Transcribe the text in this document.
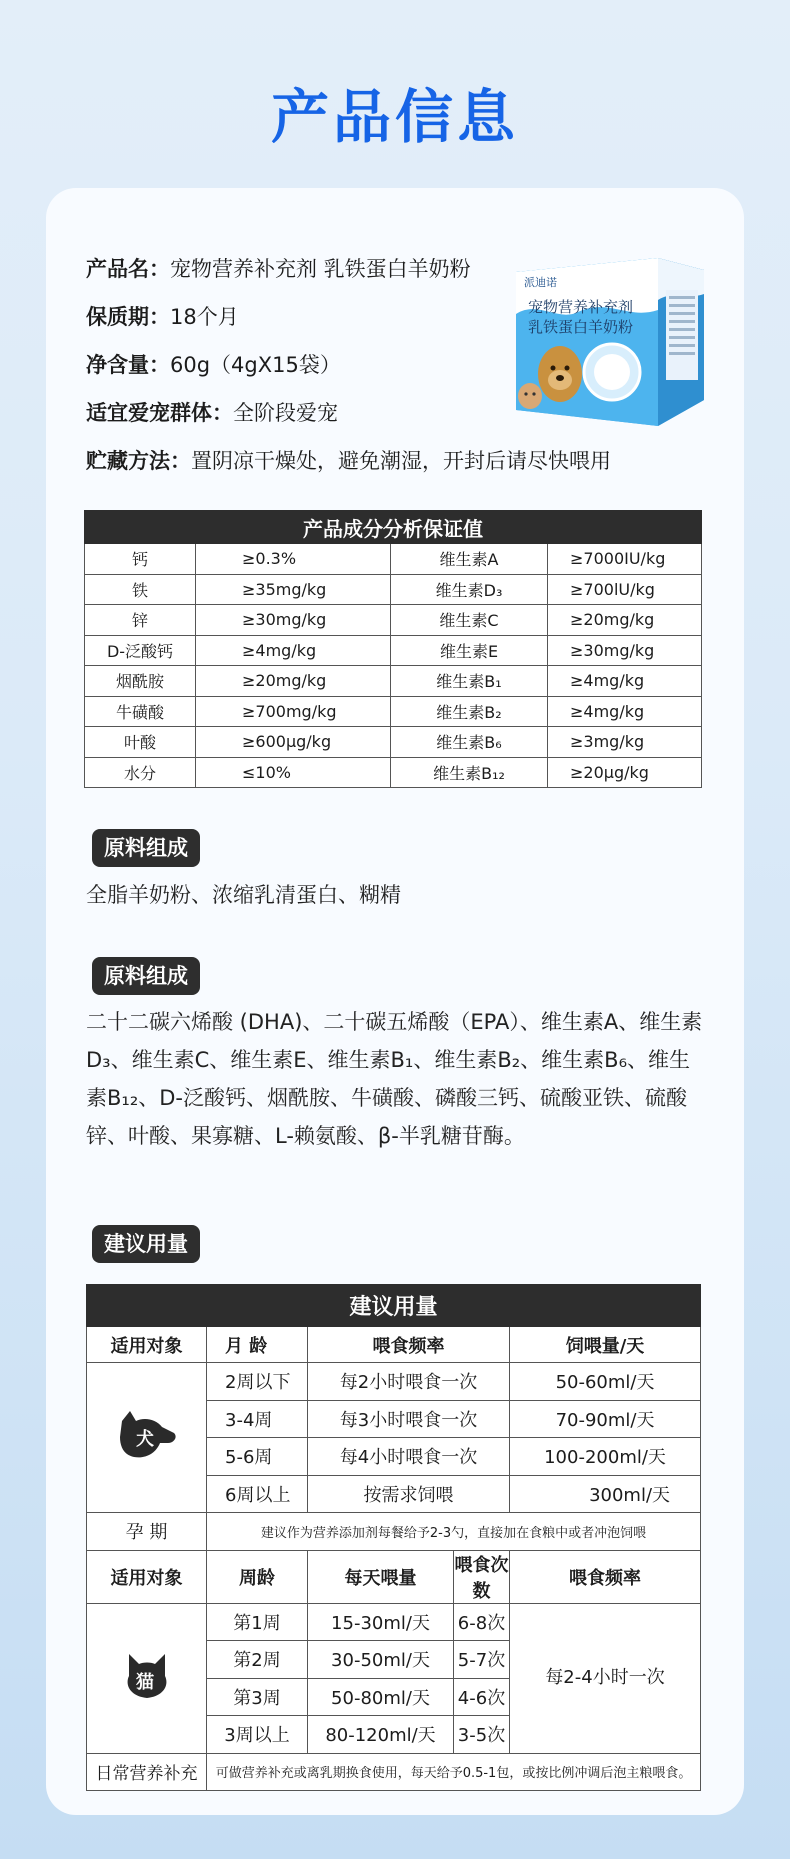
产品信息
产品名：宠物营养补充剂 乳铁蛋白羊奶粉
保质期：18个月
净含量：60g（4gX15袋）
适宜爱宠群体：全阶段爱宠
贮藏方法：置阴凉干燥处，避免潮湿，开封后请尽快喂用
派迪诺
宠物营养补充剂
乳铁蛋白羊奶粉
产品成分分析保证值			
钙	≥0.3%	维生素A	≥7000IU/kg
铁	≥35mg/kg	维生素D₃	≥700lU/kg
锌	≥30mg/kg	维生素C	≥20mg/kg
D-泛酸钙	≥4mg/kg	维生素E	≥30mg/kg
烟酰胺	≥20mg/kg	维生素B₁	≥4mg/kg
牛磺酸	≥700mg/kg	维生素B₂	≥4mg/kg
叶酸	≥600μg/kg	维生素B₆	≥3mg/kg
水分	≤10%	维生素B₁₂	≥20μg/kg
原料组成
全脂羊奶粉、浓缩乳清蛋白、糊精
原料组成
二十二碳六烯酸 (DHA)、二十碳五烯酸（EPA）、维生素A、维生素D₃、维生素C、维生素E、维生素B₁、维生素B₂、维生素B₆、维生素B₁₂、D-泛酸钙、烟酰胺、牛磺酸、磷酸三钙、硫酸亚铁、硫酸锌、叶酸、果寡糖、L-赖氨酸、β-半乳糖苷酶。
建议用量
建议用量				
适用对象	月 龄	喂食频率		饲喂量/天

犬	2周以下	每2小时喂食一次		50-60ml/天
	3-4周	每3小时喂食一次		70-90ml/天
	5-6周	每4小时喂食一次		100-200ml/天
	6周以上	按需求饲喂		300ml/天
孕 期	建议作为营养添加剂每餐给予2-3勺，直接加在食粮中或者冲泡饲喂			
适用对象	周龄	每天喂量	喂食次数	喂食频率

猫	第1周	15-30ml/天	6-8次	每2-4小时一次
	第2周	30-50ml/天	5-7次	
	第3周	50-80ml/天	4-6次	
	3周以上	80-120ml/天	3-5次	
日常营养补充	可做营养补充或离乳期换食使用，每天给予0.5-1包，或按比例冲调后泡主粮喂食。			
